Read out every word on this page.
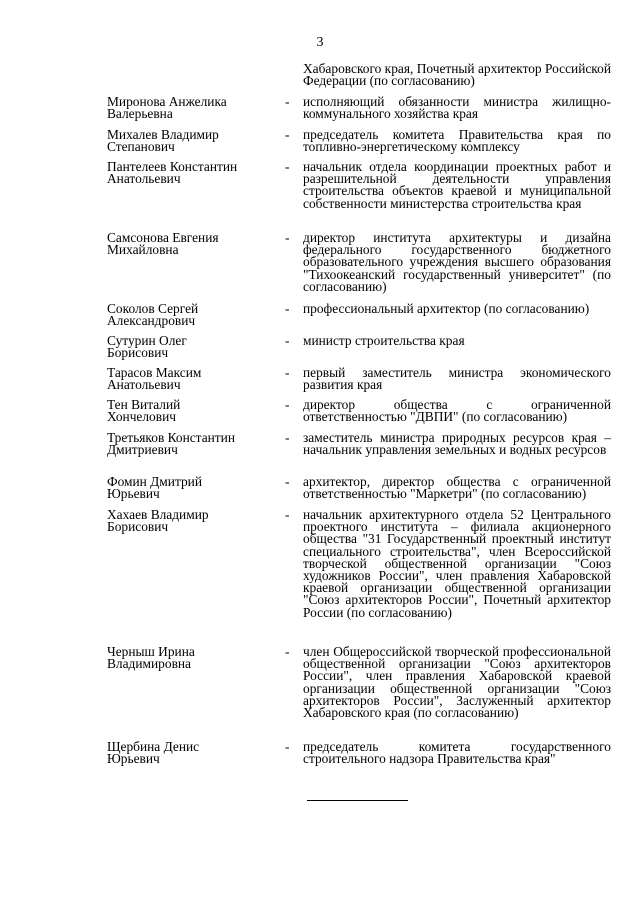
3
Хабаровского края, Почетный архитектор Российской Федерации (по согласованию)
Миронова Анжелика
Валерьевна
-	исполняющий обязанности министра жилищно-коммунального хозяйства края
Михалев Владимир
Степанович
-	председатель комитета Правительства края по топливно-энергетическому комплексу
Пантелеев Константин
Анатольевич
-	начальник отдела координации проектных работ и разрешительной деятельности управления строительства объектов краевой и муниципальной собственности министерства строительства края
Самсонова Евгения
Михайловна
-	директор института архитектуры и дизайна федерального государственного бюджетного образовательного учреждения высшего образования "Тихоокеанский государственный университет" (по согласованию)
Соколов Сергей
Александрович
-	профессиональный архитектор (по согласованию)
Сутурин Олег
Борисович
-	министр строительства края
Тарасов Максим
Анатольевич
-	первый заместитель министра экономического развития края
Тен Виталий
Хончелович
-	директор общества с ограниченной ответственностью "ДВПИ" (по согласованию)
Третьяков Константин
Дмитриевич
-	заместитель министра природных ресурсов края – начальник управления земельных и водных ресурсов
Фомин Дмитрий
Юрьевич
-	архитектор, директор общества с ограниченной ответственностью "Маркетри" (по согласованию)
Хахаев Владимир
Борисович
-	начальник архитектурного отдела 52 Центрального проектного института – филиала акционерного общества "31 Государственный проектный институт специального строительства", член Всероссийской творческой общественной организации "Союз художников России", член правления Хабаровской краевой организации общественной организации "Союз архитекторов России", Почетный архитектор России (по согласованию)
Черныш Ирина
Владимировна
-	член Общероссийской творческой профессиональной общественной организации "Союз архитекторов России", член правления Хабаровской краевой организации общественной организации "Союз архитекторов России", Заслуженный архитектор Хабаровского края (по согласованию)
Щербина Денис
Юрьевич
-	председатель комитета государственного строительного надзора Правительства края"
